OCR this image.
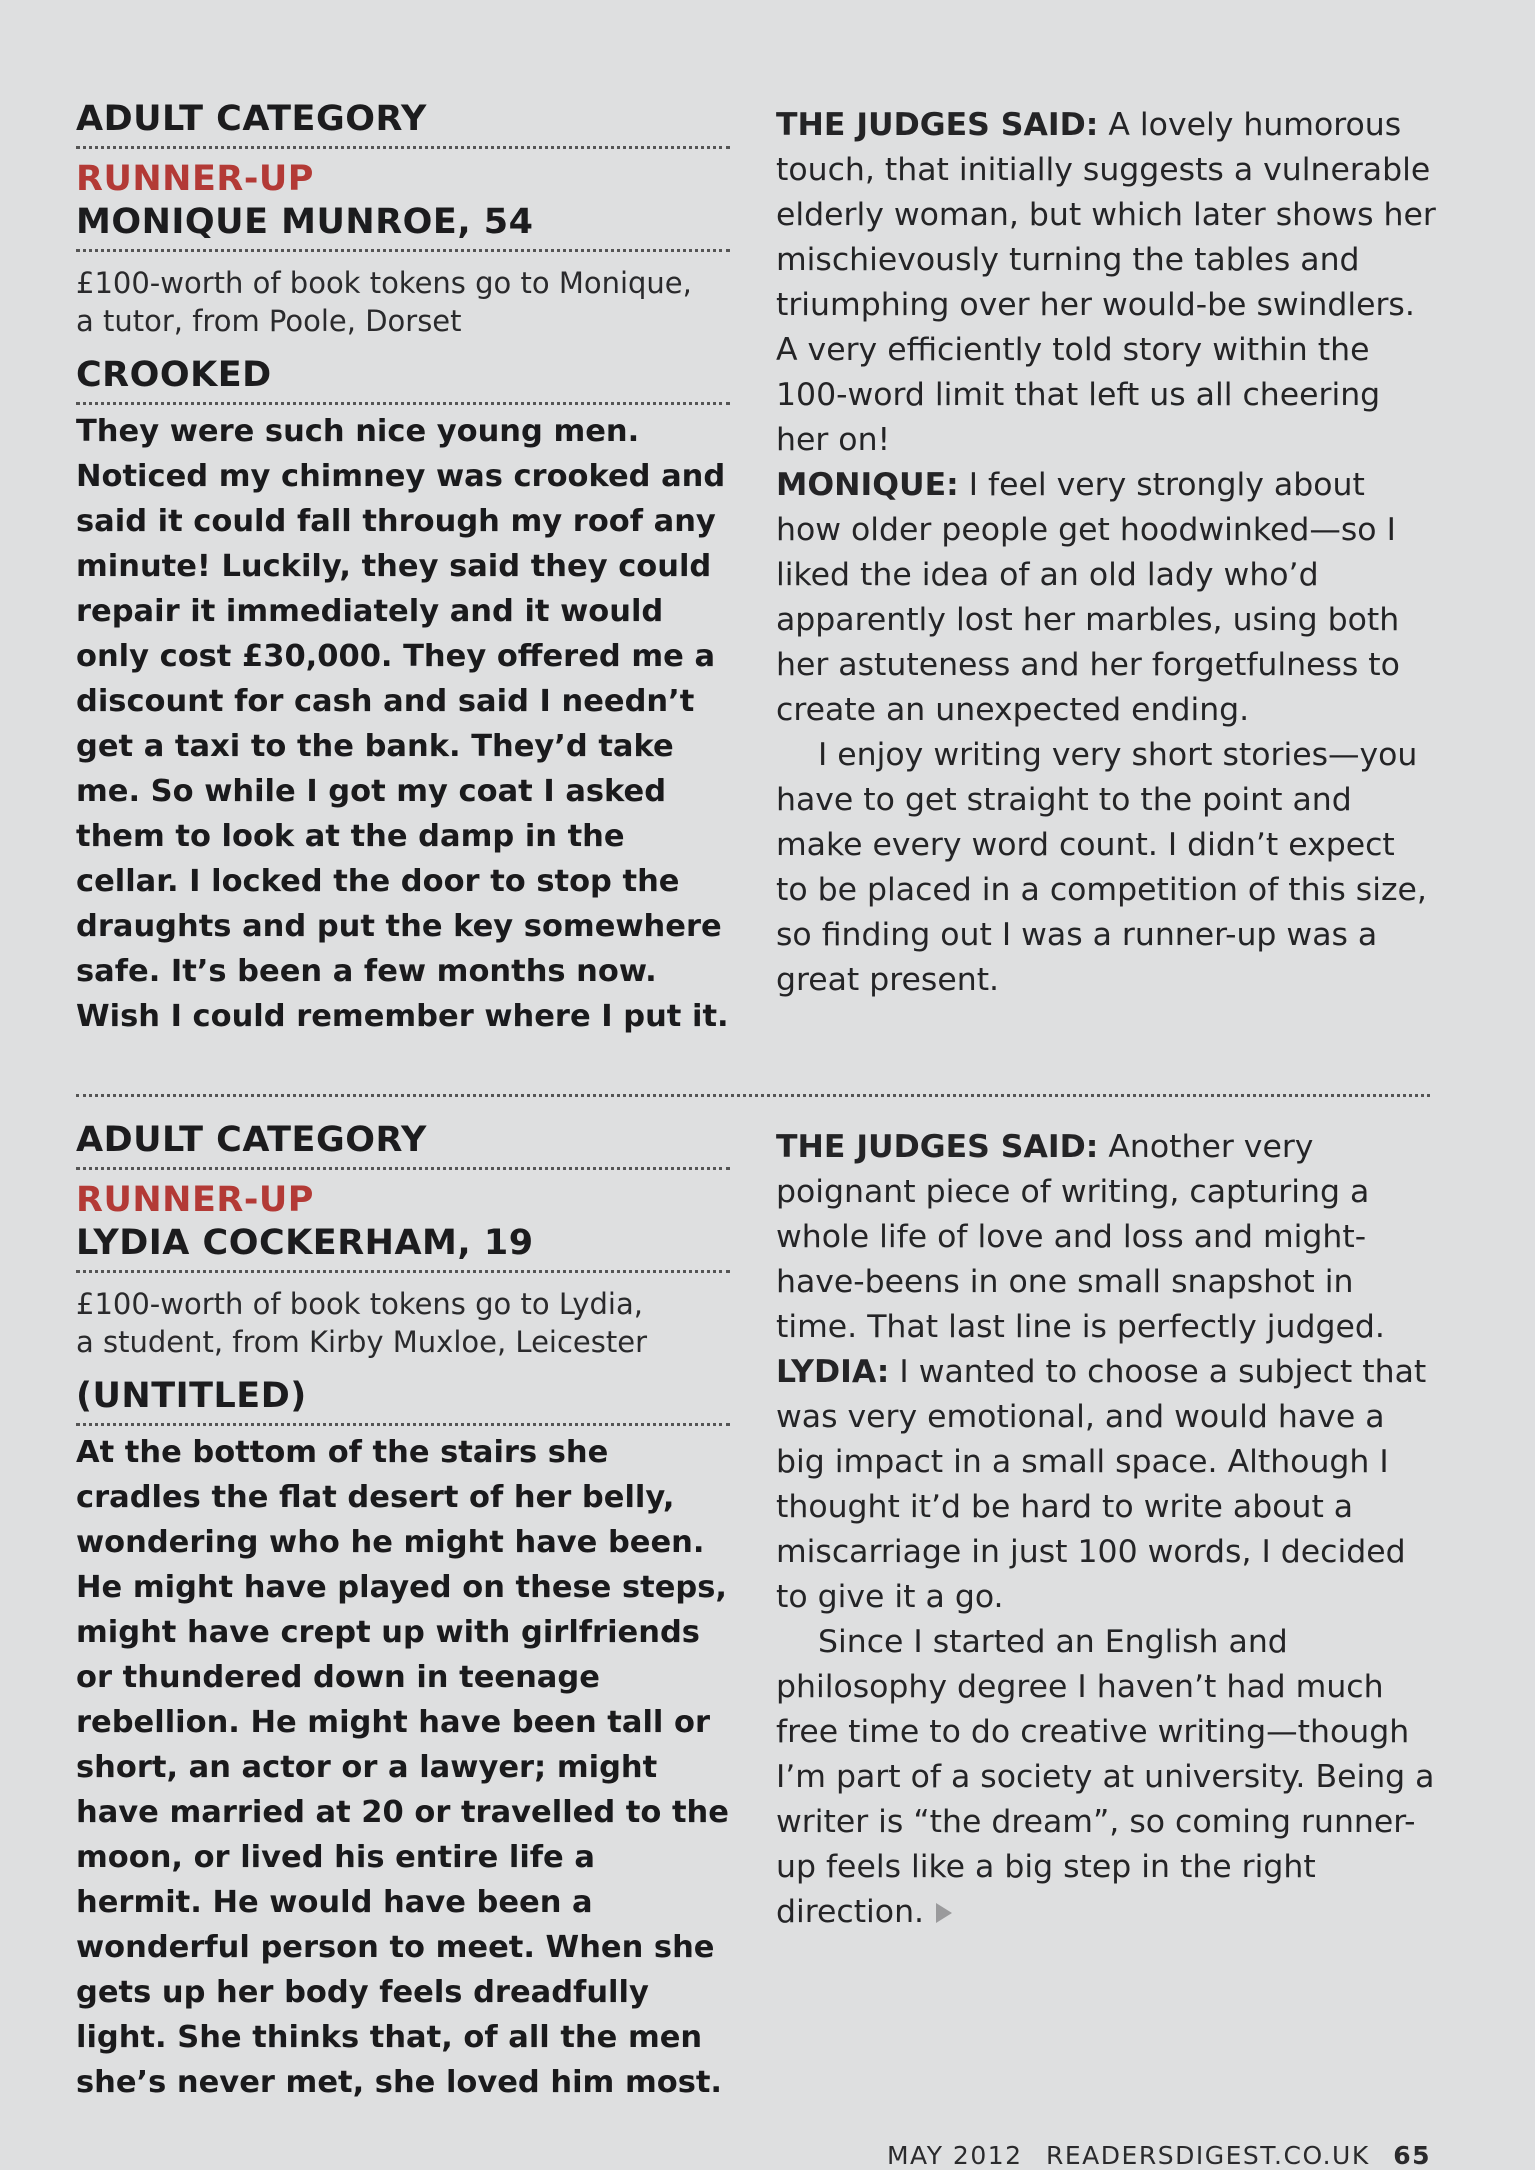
ADULT CATEGORY
RUNNER-UP
MONIQUE MUNROE, 54
£100-worth of book tokens go to Monique,
a tutor, from Poole, Dorset
CROOKED
They were such nice young men. Noticed my chimney was crooked and said it could fall through my roof any minute! Luckily, they said they could repair it immediately and it would only cost £30,000. They offered me a discount for cash and said I needn’t get a taxi to the bank. They’d take me. So while I got my coat I asked them to look at the damp in the cellar. I locked the door to stop the draughts and put the key somewhere safe. It’s been a few months now. Wish I could remember where I put it.

THE JUDGES SAID: A lovely humorous touch, that initially suggests a vulnerable elderly woman, but which later shows her mischievously turning the tables and triumphing over her would-be swindlers. A very efficiently told story within the 100-word limit that left us all cheering her on!

MONIQUE: I feel very strongly about how older people get hoodwinked—so I liked the idea of an old lady who’d apparently lost her marbles, using both her astuteness and her forgetfulness to create an unexpected ending.

I enjoy writing very short stories—you have to get straight to the point and make every word count. I didn’t expect to be placed in a competition of this size, so finding out I was a runner-up was a great present.

ADULT CATEGORY
RUNNER-UP
LYDIA COCKERHAM, 19
£100-worth of book tokens go to Lydia,
a student, from Kirby Muxloe, Leicester
(UNTITLED)
At the bottom of the stairs she cradles the flat desert of her belly, wondering who he might have been. He might have played on these steps, might have crept up with girlfriends or thundered down in teenage rebellion. He might have been tall or short, an actor or a lawyer; might have married at 20 or travelled to the moon, or lived his entire life a hermit. He would have been a wonderful person to meet. When she gets up her body feels dreadfully light. She thinks that, of all the men she’s never met, she loved him most.

THE JUDGES SAID: Another very poignant piece of writing, capturing a whole life of love and loss and might-have-beens in one small snapshot in time. That last line is perfectly judged.

LYDIA: I wanted to choose a subject that was very emotional, and would have a big impact in a small space. Although I thought it’d be hard to write about a miscarriage in just 100 words, I decided to give it a go.

Since I started an English and philosophy degree I haven’t had much free time to do creative writing—though I’m part of a society at university. Being a writer is “the dream”, so coming runner-up feels like a big step in the right direction.

MAY 2012 READERSDIGEST.CO.UK 65
